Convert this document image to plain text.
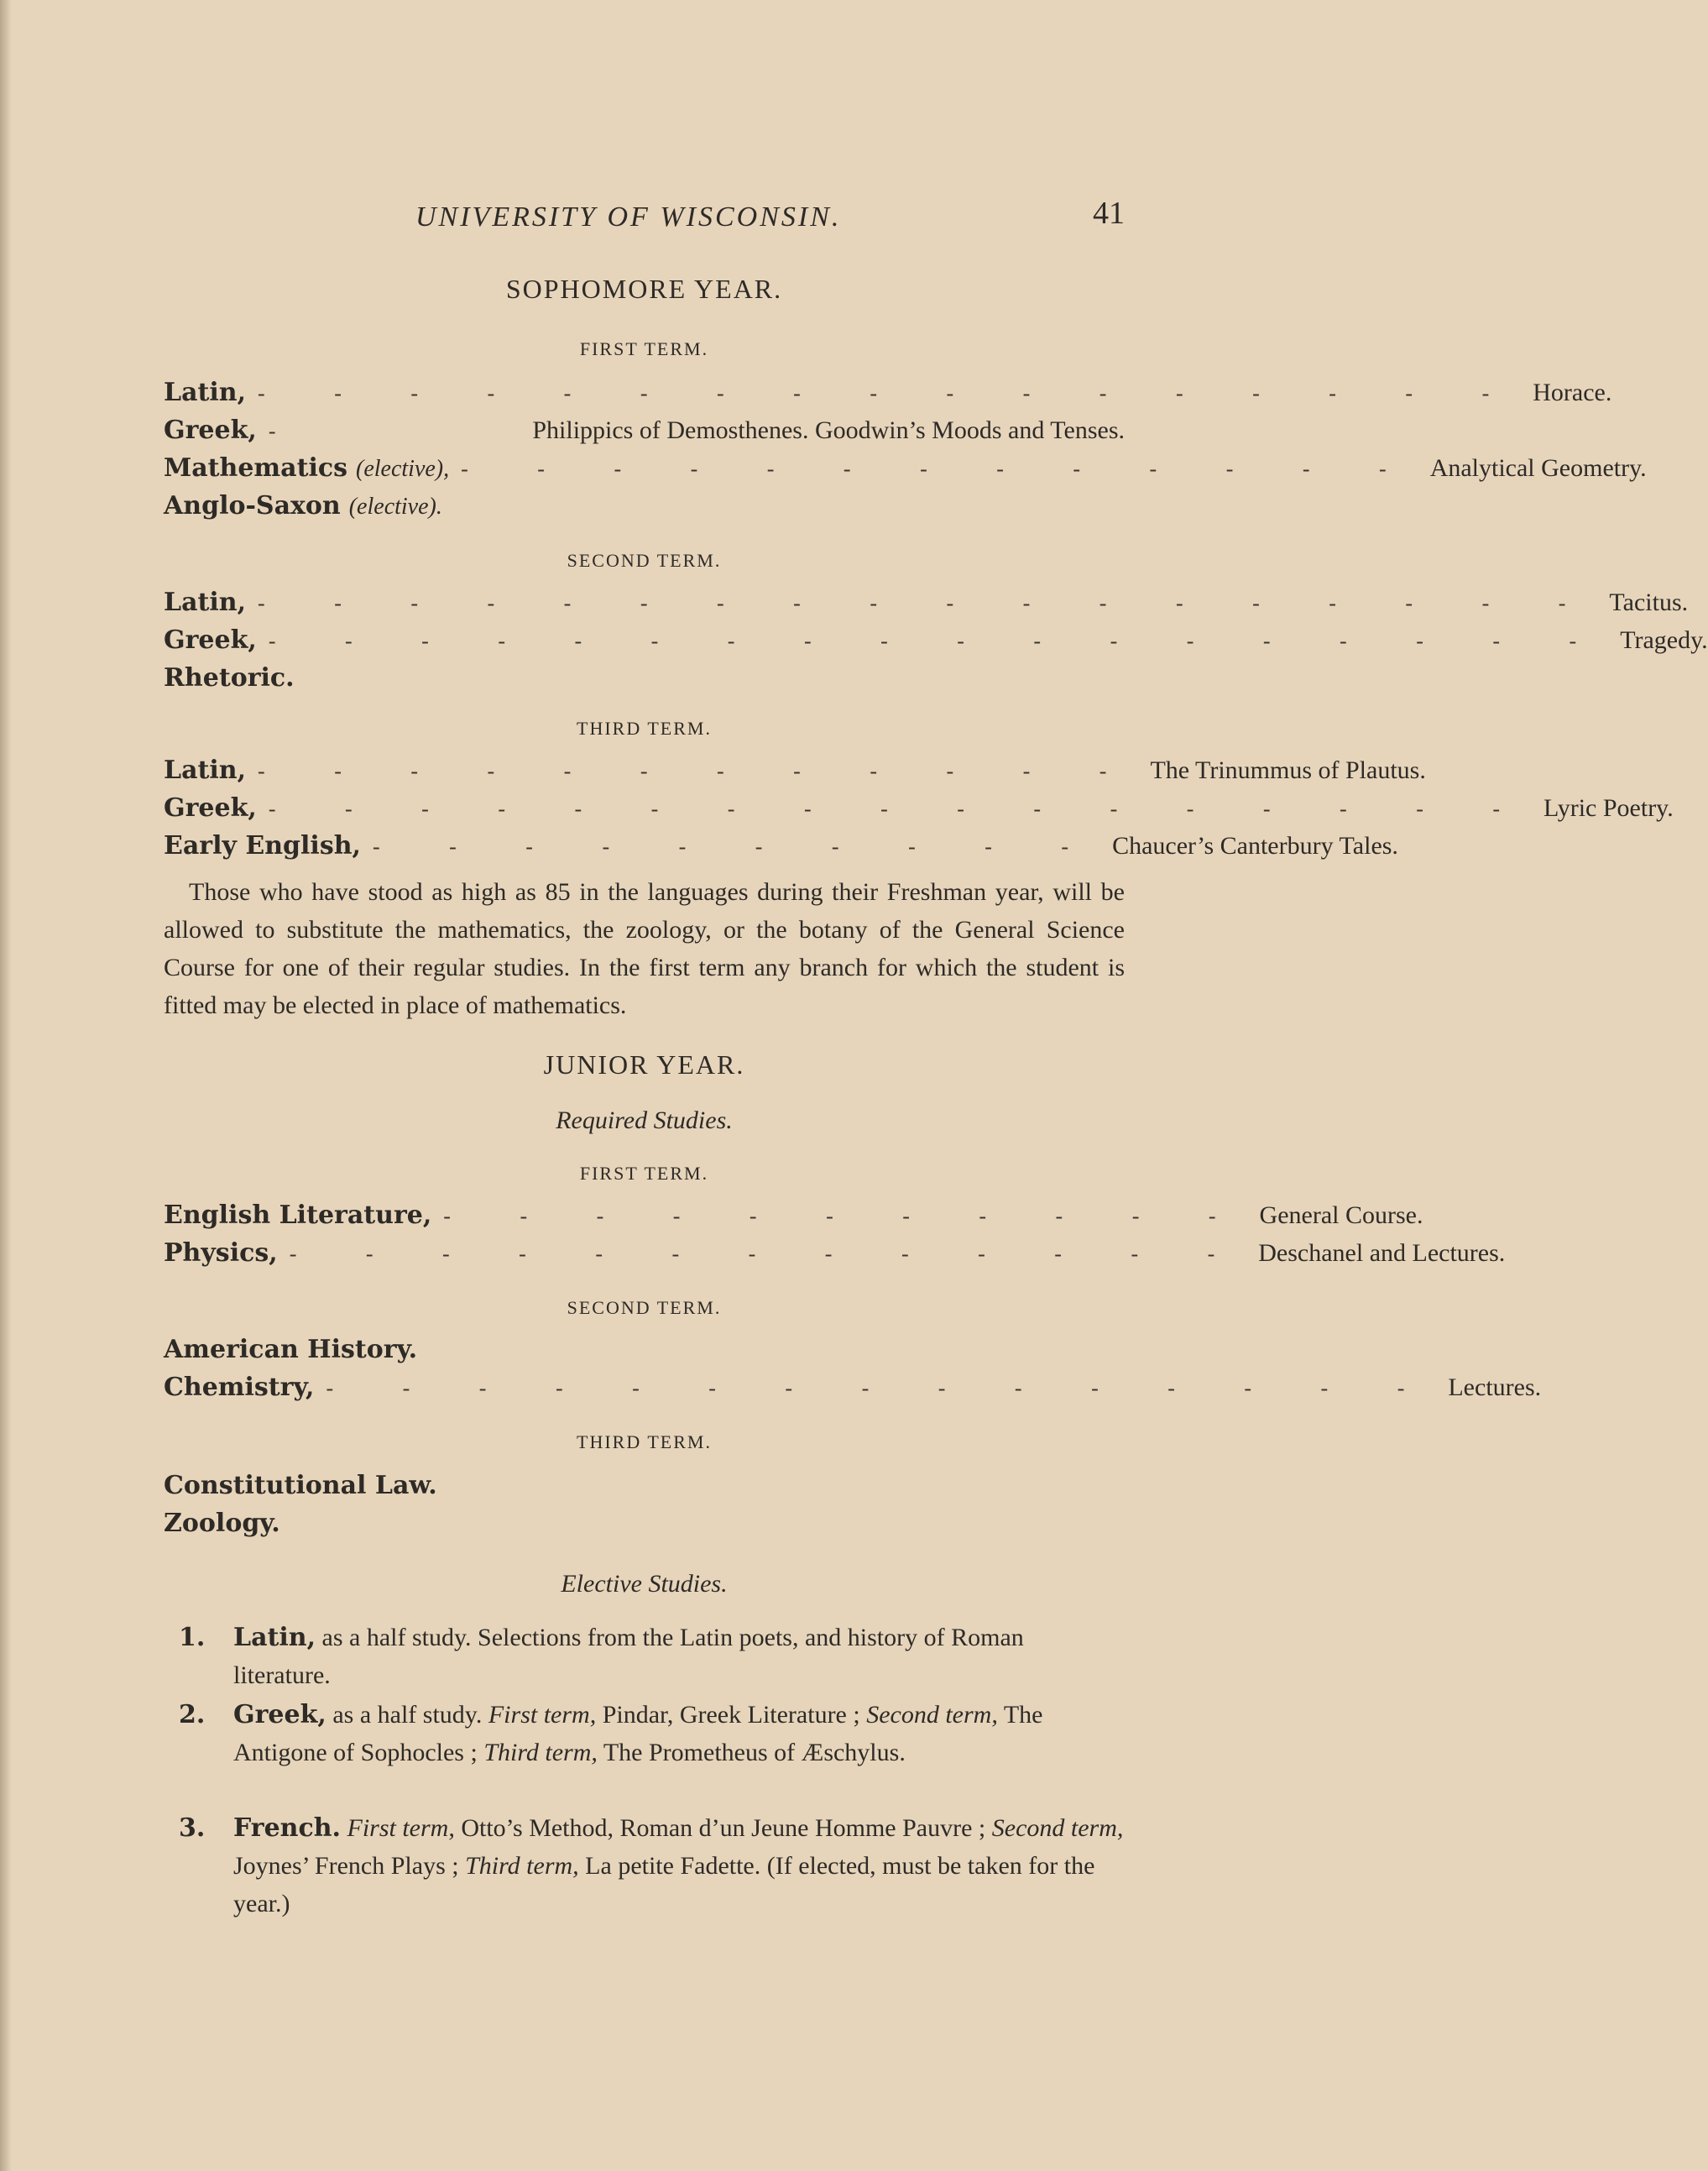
UNIVERSITY OF WISCONSIN.	41
SOPHOMORE YEAR.
FIRST TERM.
Latin, - - - - - - - - - - - - - - - - - Horace.
Greek, -	Philippics of Demosthenes. Goodwin’s Moods and Tenses.
Mathematics (elective), - - - - - - - - - - - - - Analytical Geometry.
Anglo-Saxon (elective).
SECOND TERM.
Latin, - - - - - - - - - - - - - - - - - - Tacitus.
Greek, - - - - - - - - - - - - - - - - - - Tragedy.
Rhetoric.
THIRD TERM.
Latin, - - - - - - - - - - - - The Trinummus of Plautus.
Greek, - - - - - - - - - - - - - - - - - Lyric Poetry.
Early English, - - - - - - - - - - Chaucer’s Canterbury Tales.
Those who have stood as high as 85 in the languages during their Freshman year, will be allowed to substitute the mathematics, the zoology, or the botany of the General Science Course for one of their regular studies. In the first term any branch for which the student is fitted may be elected in place of mathematics.
JUNIOR YEAR.
Required Studies.
FIRST TERM.
English Literature, - - - - - - - - - - - General Course.
Physics, - - - - - - - - - - - - - Deschanel and Lectures.
SECOND TERM.
American History.
Chemistry, - - - - - - - - - - - - - - - Lectures.
THIRD TERM.
Constitutional Law.
Zoology.
Elective Studies.
1. Latin, as a half study. Selections from the Latin poets, and history of Roman literature.
2. Greek, as a half study. First term, Pindar, Greek Literature ; Second term, The Antigone of Sophocles ; Third term, The Prometheus of Æschylus.
3. French. First term, Otto’s Method, Roman d’un Jeune Homme Pauvre ; Second term, Joynes’ French Plays ; Third term, La petite Fadette. (If elected, must be taken for the year.)
